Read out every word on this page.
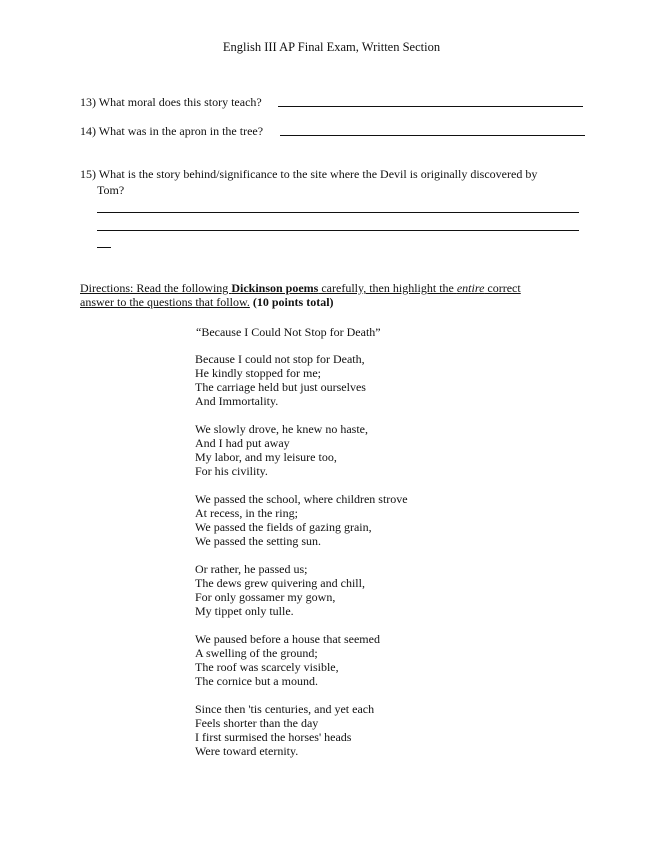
English III AP Final Exam, Written Section
13) What moral does this story teach?
14) What was in the apron in the tree?
15) What is the story behind/significance to the site where the Devil is originally discovered by
Tom?
Directions: Read the following Dickinson poems carefully, then highlight the entire correct
answer to the questions that follow. (10 points total)
“Because I Could Not Stop for Death”
Because I could not stop for Death,
He kindly stopped for me;
The carriage held but just ourselves
And Immortality.
We slowly drove, he knew no haste,
And I had put away
My labor, and my leisure too,
For his civility.
We passed the school, where children strove
At recess, in the ring;
We passed the fields of gazing grain,
We passed the setting sun.
Or rather, he passed us;
The dews grew quivering and chill,
For only gossamer my gown,
My tippet only tulle.
We paused before a house that seemed
A swelling of the ground;
The roof was scarcely visible,
The cornice but a mound.
Since then 'tis centuries, and yet each
Feels shorter than the day
I first surmised the horses' heads
Were toward eternity.
